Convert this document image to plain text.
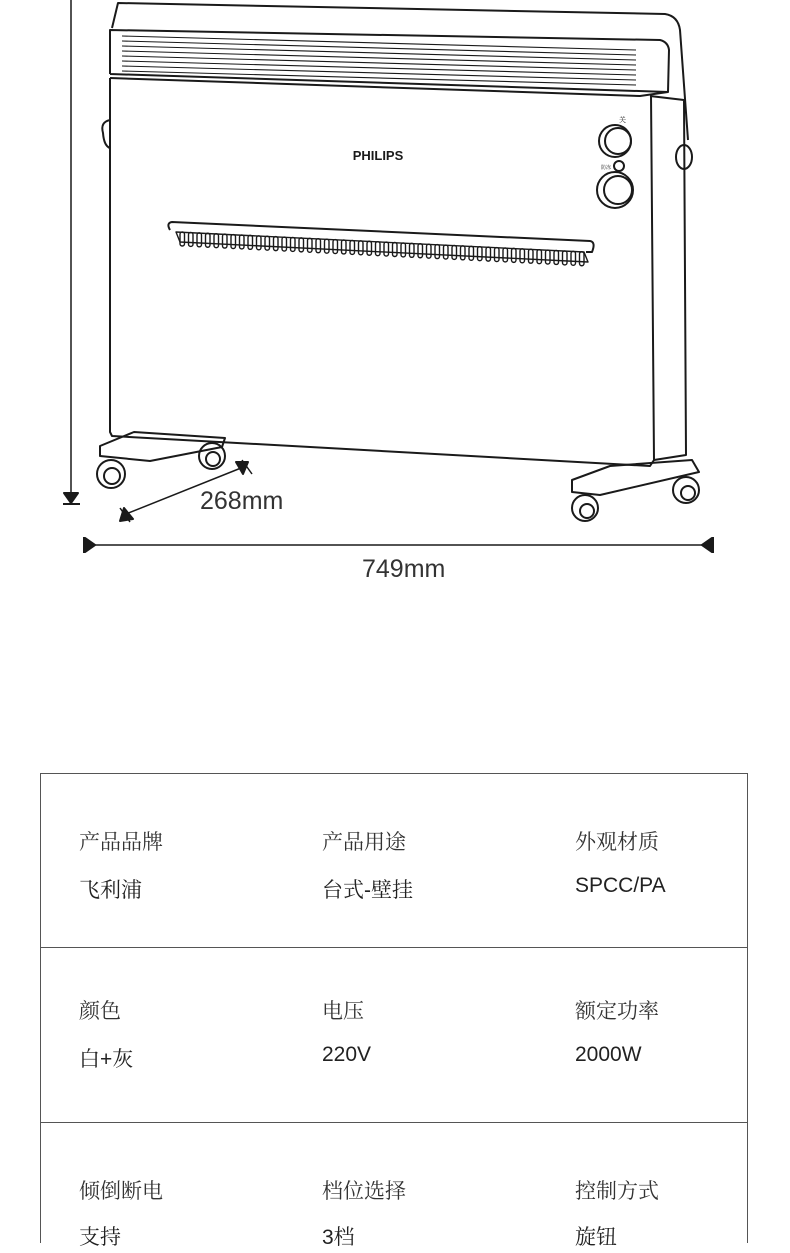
PHILIPS
关
防冻
268mm
749mm
产品品牌
飞利浦
产品用途
台式-壁挂
外观材质
SPCC/PA
颜色
白+灰
电压
220V
额定功率
2000W
倾倒断电
支持
档位选择
3档
控制方式
旋钮
